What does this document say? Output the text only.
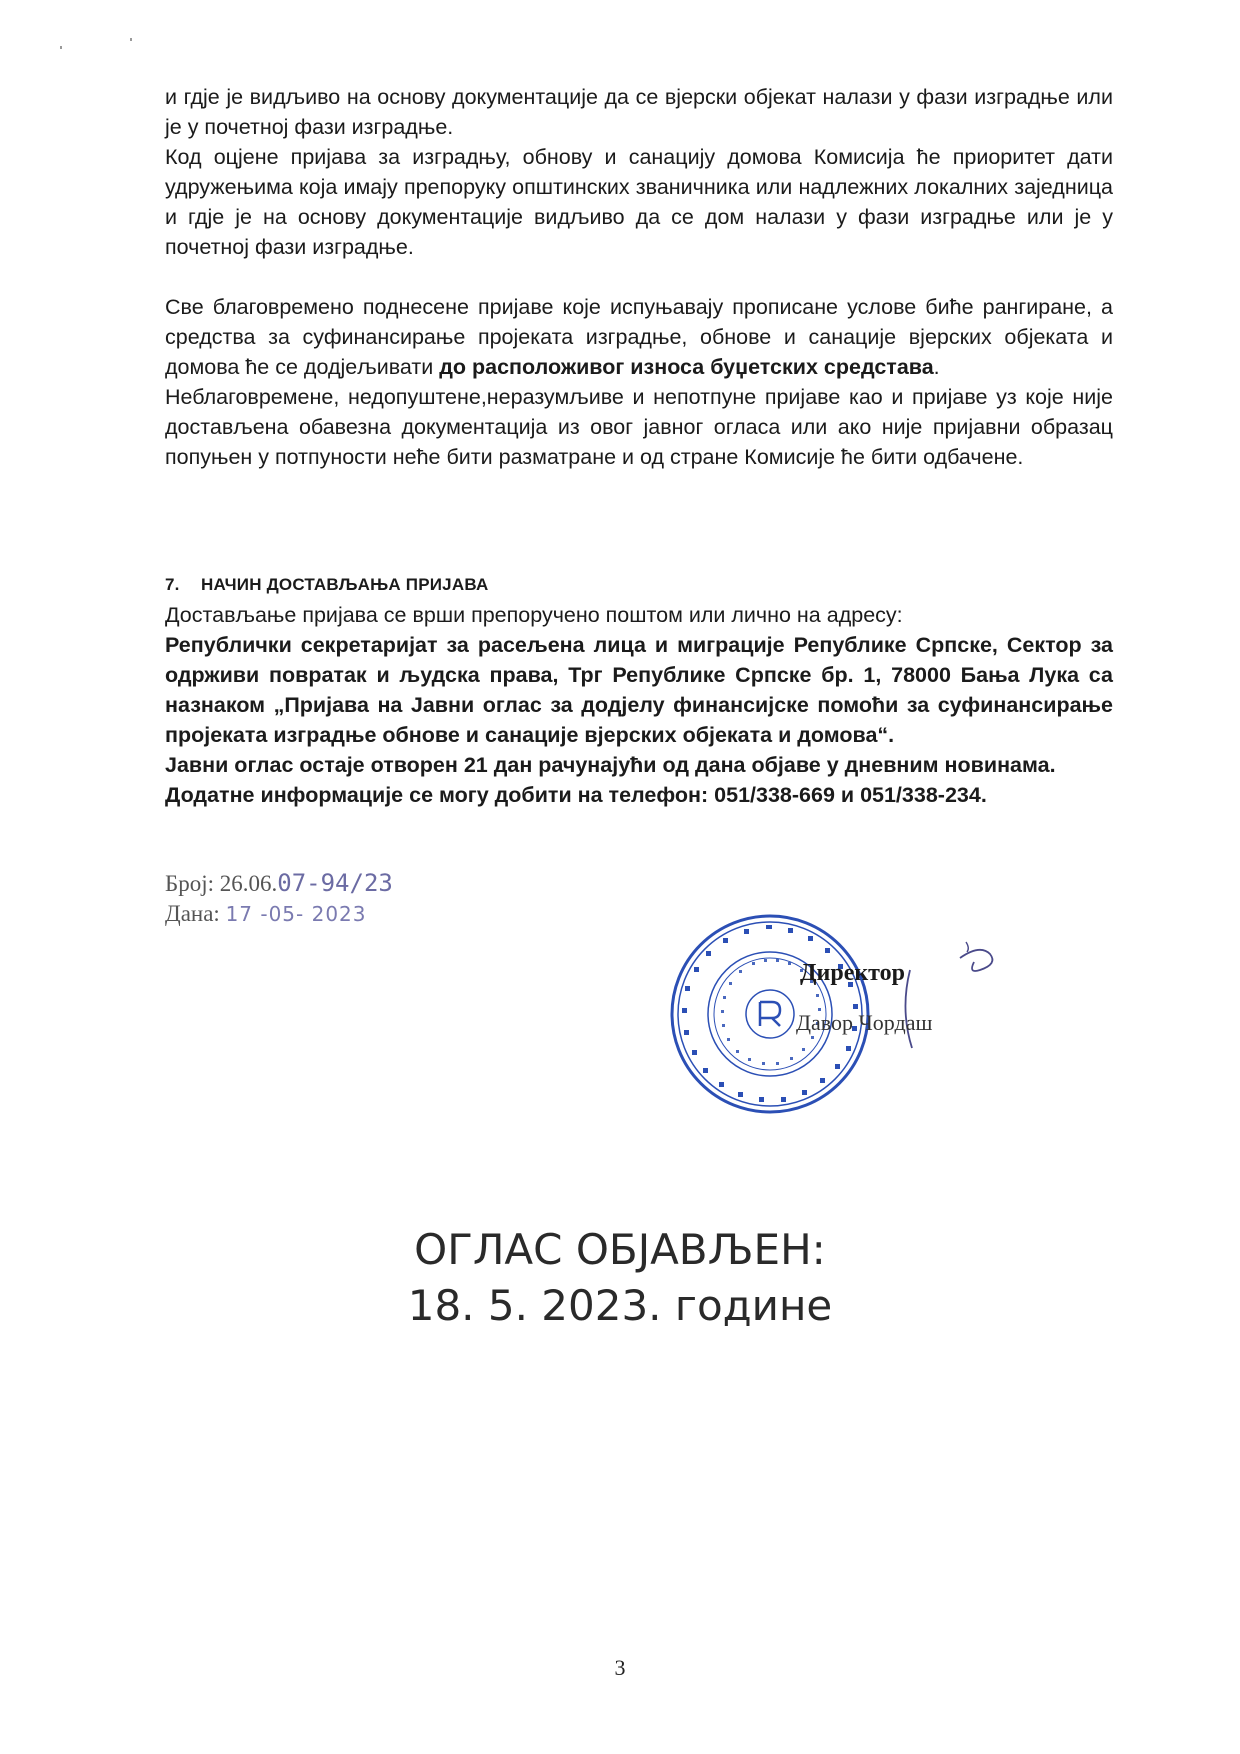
и гдје је видљиво на основу документације да се вјерски објекат налази у фази изградње или је у почетној фази изградње.

Код оцјене пријава за изградњу, обнову и санацију домова Комисија ће приоритет дати удружењима која имају препоруку општинских званичника или надлежних локалних заједница и гдје је на основу документације видљиво да се дом налази у фази изградње или је у почетној фази изградње.

Све благовремено поднесене пријаве које испуњавају прописане услове биће рангиране, а средства за суфинансирање пројеката изградње, обнове и санације вјерских објеката и домова ће се додјељивати до расположивог износа буџетских средстава.

Неблаговремене, недопуштене,неразумљиве и непотпуне пријаве као и пријаве уз које није достављена обавезна документација из овог јавног огласа или ако није пријавни образац попуњен у потпуности неће бити разматране и од стране Комисије ће бити одбачене.

7. НАЧИН ДОСТАВЉАЊА ПРИЈАВА

Достављање пријава се врши препоручено поштом или лично на адресу:

Републички секретаријат за расељена лица и миграције Републике Српске, Сектор за одрживи повратак и људска права, Трг Републике Српске бр. 1, 78000 Бања Лука са назнаком „Пријава на Јавни оглас за додјелу финансијске помоћи за суфинансирање пројеката изградње обнове и санације вјерских објеката и домова“.

Јавни оглас остаје отворен 21 дан рачунајући од дана објаве у дневним новинама.

Додатне информације се могу добити на телефон: 051/338-669 и 051/338-234.

Број: 26.06.07-94/23
Дана: 17 -05- 2023
Директор
Давор Чордаш
ОГЛАС ОБЈАВЉЕН:
18. 5. 2023. године
3
